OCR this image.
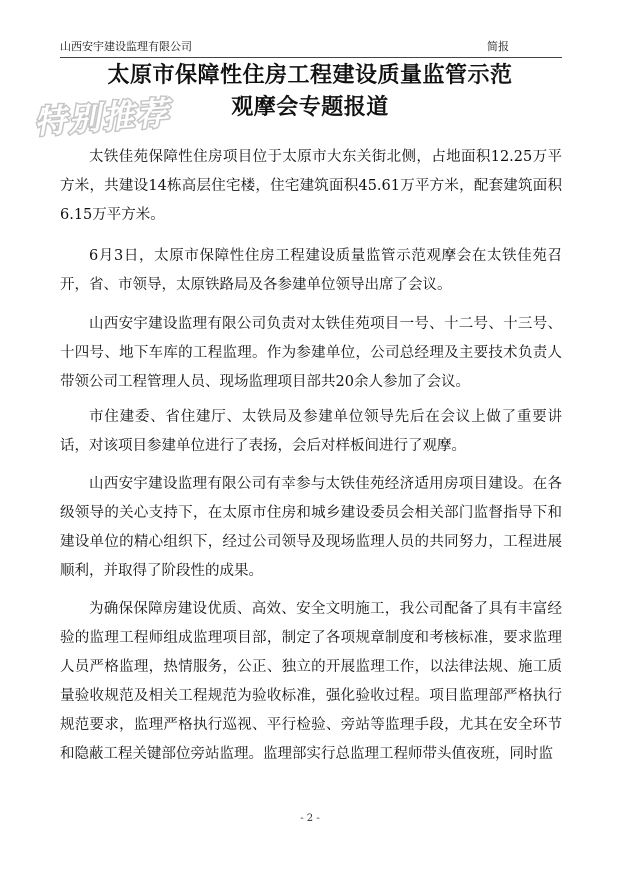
山西安宇建设监理有限公司	简报
特别推荐
太原市保障性住房工程建设质量监管示范
观摩会专题报道

太铁佳苑保障性住房项目位于太原市大东关街北侧，占地面积12.25万平方米，共建设14栋高层住宅楼，住宅建筑面积45.61万平方米，配套建筑面积6.15万平方米。

6月3日，太原市保障性住房工程建设质量监管示范观摩会在太铁佳苑召开，省、市领导，太原铁路局及各参建单位领导出席了会议。

山西安宇建设监理有限公司负责对太铁佳苑项目一号、十二号、十三号、十四号、地下车库的工程监理。作为参建单位，公司总经理及主要技术负责人带领公司工程管理人员、现场监理项目部共20余人参加了会议。

市住建委、省住建厅、太铁局及参建单位领导先后在会议上做了重要讲话，对该项目参建单位进行了表扬，会后对样板间进行了观摩。

山西安宇建设监理有限公司有幸参与太铁佳苑经济适用房项目建设。在各级领导的关心支持下，在太原市住房和城乡建设委员会相关部门监督指导下和建设单位的精心组织下，经过公司领导及现场监理人员的共同努力，工程进展顺利，并取得了阶段性的成果。

为确保保障房建设优质、高效、安全文明施工，我公司配备了具有丰富经验的监理工程师组成监理项目部，制定了各项规章制度和考核标准，要求监理人员严格监理，热情服务，公正、独立的开展监理工作，以法律法规、施工质量验收规范及相关工程规范为验收标准，强化验收过程。项目监理部严格执行规范要求，监理严格执行巡视、平行检验、旁站等监理手段，尤其在安全环节和隐蔽工程关键部位旁站监理。监理部实行总监理工程师带头值夜班，同时监

- 2 -
